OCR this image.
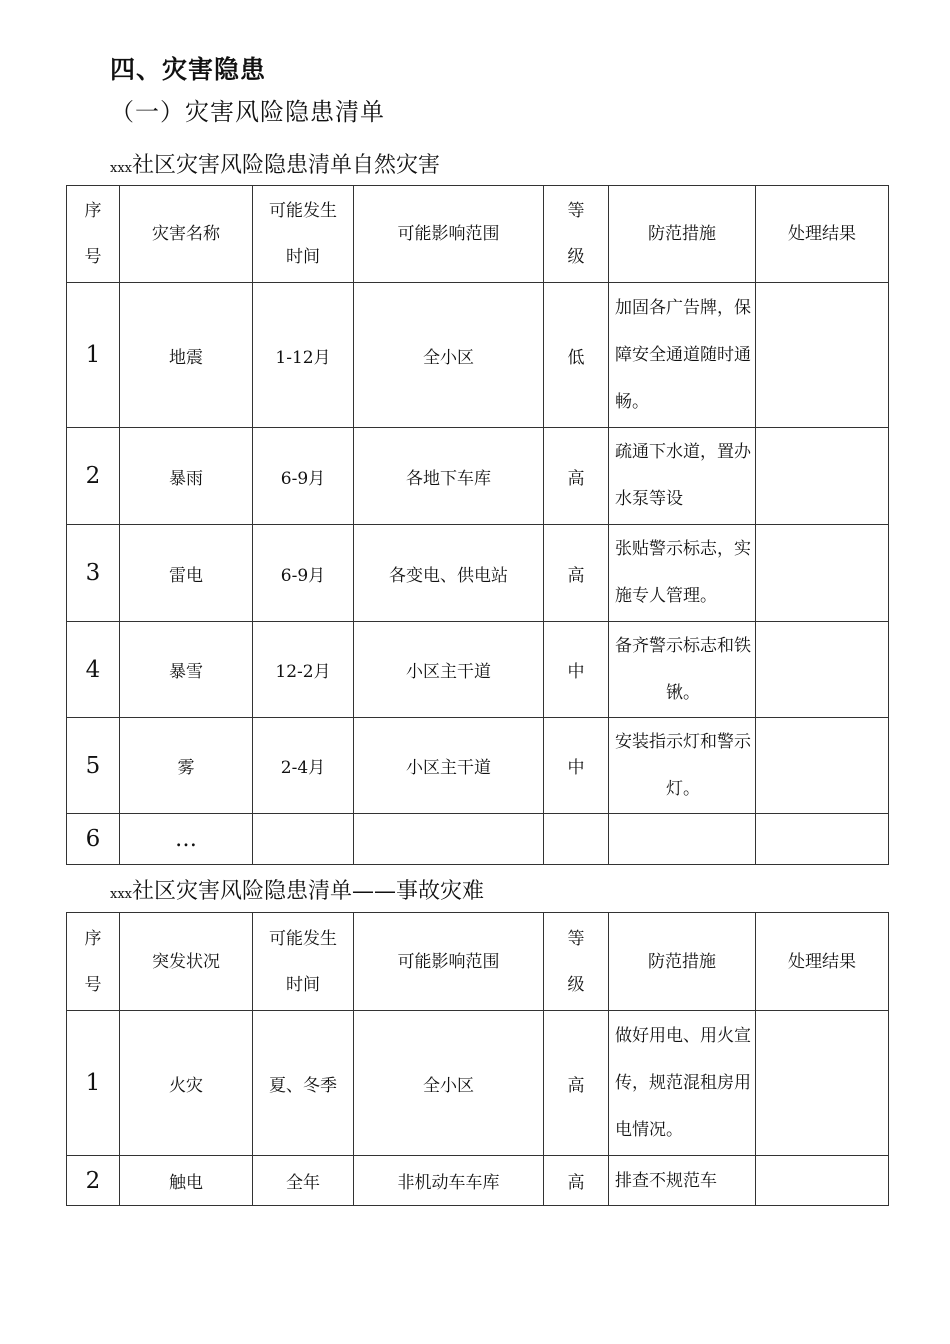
四、灾害隐患
（一）灾害风险隐患清单
xxx社区灾害风险隐患清单自然灾害
序号	灾害名称	可能发生时间	可能影响范围	等级	防范措施	处理结果
1	地震	1-12月	全小区	低	加固各广告牌，保障安全通道随时通畅。	
2	暴雨	6-9月	各地下车库	高	疏通下水道，置办水泵等设	
3	雷电	6-9月	各变电、供电站	高	张贴警示标志，实施专人管理。	
4	暴雪	12-2月	小区主干道	中	备齐警示标志和铁锹。	
5	雾	2-4月	小区主干道	中	安装指示灯和警示灯。	
6	…					
xxx社区灾害风险隐患清单——事故灾难
序号	突发状况	可能发生时间	可能影响范围	等级	防范措施	处理结果
1	火灾	夏、冬季	全小区	高	做好用电、用火宣传，规范混租房用电情况。	
2	触电	全年	非机动车车库	高	排查不规范车	
